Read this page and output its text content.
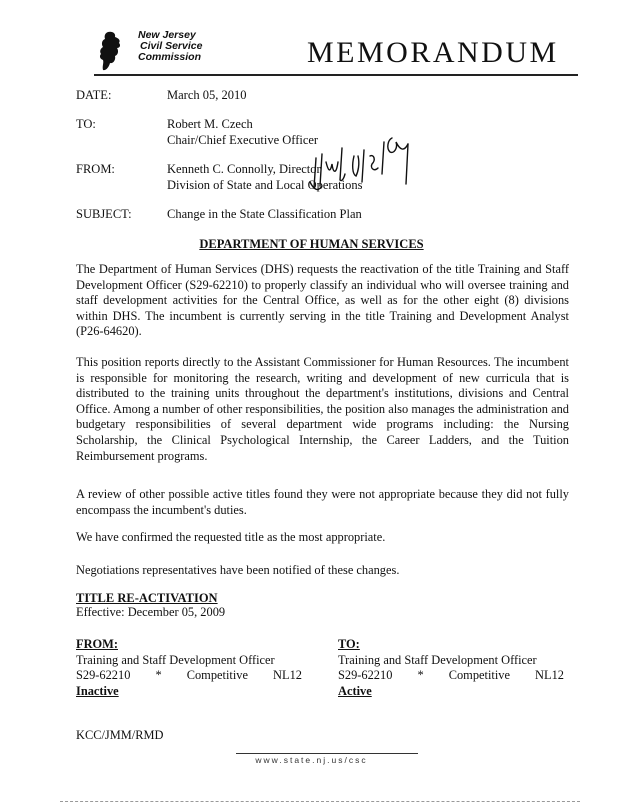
New Jersey
Civil Service
Commission	MEMORANDUM
DATE:	March 05, 2010
TO:	Robert M. Czech
Chair/Chief Executive Officer
FROM:	Kenneth C. Connolly, Director
Division of State and Local Operations
SUBJECT:	Change in the State Classification Plan
DEPARTMENT OF HUMAN SERVICES

The Department of Human Services (DHS) requests the reactivation of the title Training and Staff Development Officer (S29-62210) to properly classify an individual who will oversee training and staff development activities for the Central Office, as well as for the other eight (8) divisions within DHS. The incumbent is currently serving in the title Training and Development Analyst (P26-64620).

This position reports directly to the Assistant Commissioner for Human Resources. The incumbent is responsible for monitoring the research, writing and development of new curricula that is distributed to the training units throughout the department's institutions, divisions and Central Office. Among a number of other responsibilities, the position also manages the administration and budgetary responsibilities of several department wide programs including: the Nursing Scholarship, the Clinical Psychological Internship, the Career Ladders, and the Tuition Reimbursement programs.

A review of other possible active titles found they were not appropriate because they did not fully encompass the incumbent's duties.

We have confirmed the requested title as the most appropriate.

Negotiations representatives have been notified of these changes.

TITLE RE-ACTIVATION
Effective: December 05, 2009
FROM:
Training and Staff Development Officer
S29-62210 * Competitive NL12
Inactive
TO:
Training and Staff Development Officer
S29-62210 * Competitive NL12
Active
KCC/JMM/RMD
www.state.nj.us/csc
